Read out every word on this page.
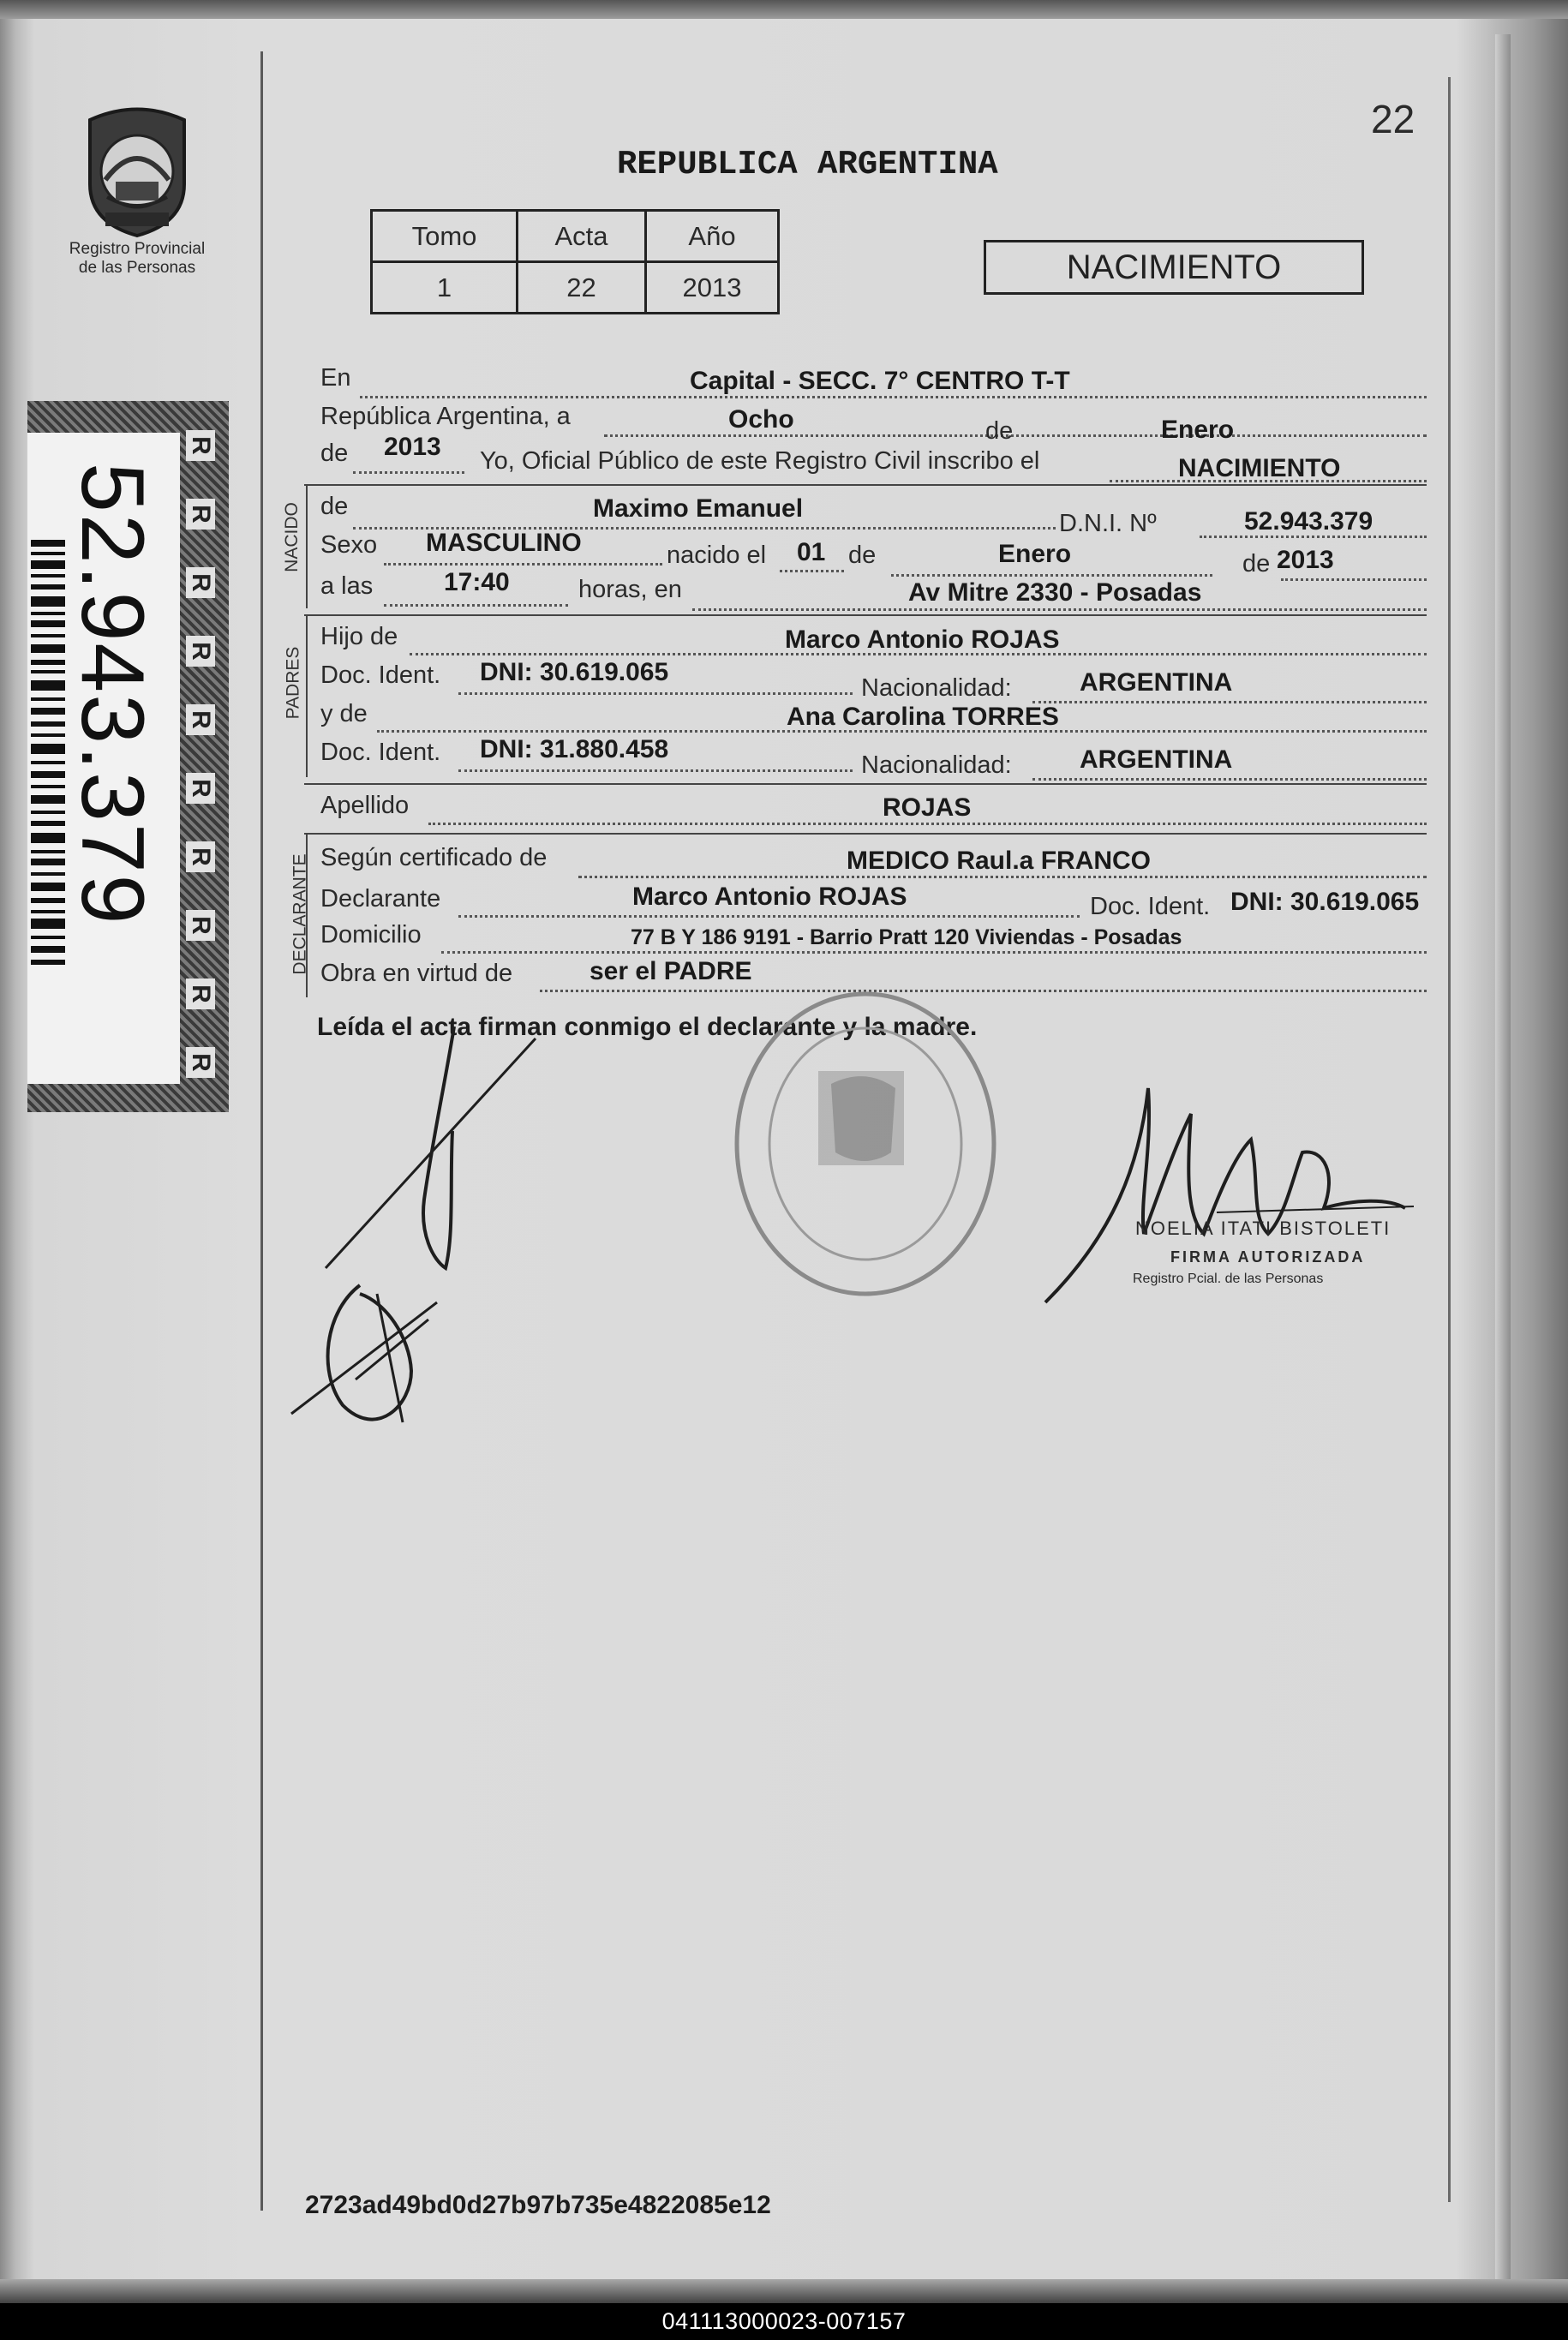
Registro Provincial
de las Personas
R
R
R
R
R
R
R
R
R
R
52.943.379
22
REPUBLICA ARGENTINA
Tomo	Acta	Año
1	22	2013
NACIMIENTO
En	Capital - SECC. 7° CENTRO T-T
República Argentina, a	Ocho	de	Enero
de 2013 Yo, Oficial Público de este Registro Civil inscribo el	NACIMIENTO
NACIDO de	Maximo Emanuel
D.N.I. Nº	52.943.379
Sexo MASCULINO	nacido el 01 de	Enero	de 2013
a las	17:40	horas, en	Av Mitre 2330 - Posadas
PADRES
Hijo de	Marco Antonio ROJAS
Doc. Ident. DNI: 30.619.065
Nacionalidad:	ARGENTINA
y de	Ana Carolina TORRES
Doc. Ident. DNI: 31.880.458
Nacionalidad:	ARGENTINA
Apellido	ROJAS
DECLARANTE Según certificado de	MEDICO Raul.a FRANCO
Declarante	Marco Antonio ROJAS	Doc. Ident. DNI: 30.619.065
Domicilio	77 B Y 186 9191 - Barrio Pratt 120 Viviendas - Posadas
Obra en virtud de	ser el PADRE
Leída el acta firman conmigo el declarante y la madre.
NOELIA ITATI BISTOLETI
FIRMA AUTORIZADA
Registro Pcial. de las Personas
2723ad49bd0d27b97b735e4822085e12
041113000023-007157
